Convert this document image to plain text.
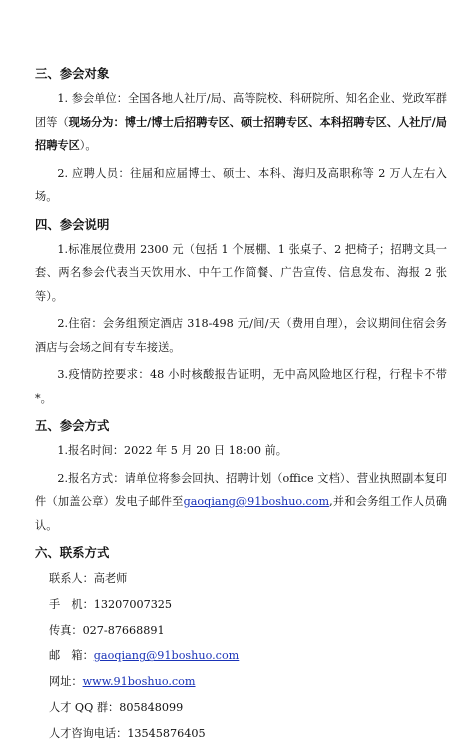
三、参会对象

1. 参会单位：全国各地人社厅/局、高等院校、科研院所、知名企业、党政军群团等（现场分为：博士/博士后招聘专区、硕士招聘专区、本科招聘专区、人社厅/局招聘专区）。

2. 应聘人员：往届和应届博士、硕士、本科、海归及高职称等 2 万人左右入场。

四、参会说明

1.标准展位费用 2300 元（包括 1 个展棚、1 张桌子、2 把椅子；招聘文具一套、两名参会代表当天饮用水、中午工作简餐、广告宣传、信息发布、海报 2 张等）。

2.住宿：会务组预定酒店 318-498 元/间/天（费用自理），会议期间住宿会务酒店与会场之间有专车接送。

3.疫情防控要求：48 小时核酸报告证明，无中高风险地区行程，行程卡不带*。

五、参会方式

1.报名时间：2022 年 5 月 20 日 18:00 前。

2.报名方式：请单位将参会回执、招聘计划（office 文档）、营业执照副本复印件（加盖公章）发电子邮件至gaoqiang@91boshuo.com,并和会务组工作人员确认。

六、联系方式

联系人：高老师

手　机：13207007325

传真：027-87668891

邮　箱：gaoqiang@91boshuo.com

网址：www.91boshuo.com

人才 QQ 群：805848099

人才咨询电话：13545876405
